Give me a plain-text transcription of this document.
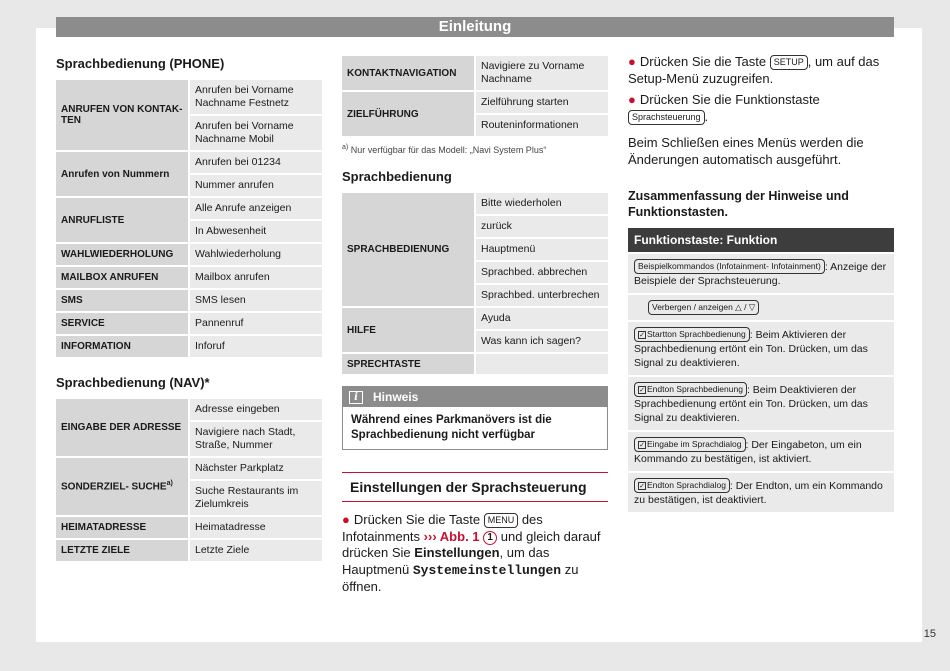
Einleitung
Sprachbedienung (PHONE)
ANRUFEN VON KONTAK-TEN	Anrufen bei Vorname Nachname Festnetz
	Anrufen bei Vorname Nachname Mobil
Anrufen von Nummern	Anrufen bei 01234
	Nummer anrufen
ANRUFLISTE	Alle Anrufe anzeigen
	In Abwesenheit
WAHLWIEDERHOLUNG	Wahlwiederholung
MAILBOX ANRUFEN	Mailbox anrufen
SMS	SMS lesen
SERVICE	Pannenruf
INFORMATION	Inforuf
Sprachbedienung (NAV)*
EINGABE DER ADRESSE	Adresse eingeben
	Navigiere nach Stadt, Straße, Nummer
SONDERZIEL- SUCHE$^{a)}$	Nächster Parkplatz
	Suche Restaurants im Zielumkreis
HEIMATADRESSE	Heimatadresse
LETZTE ZIELE	Letzte Ziele
KONTAKTNAVIGATION	Navigiere zu Vorname Nachname
ZIELFÜHRUNG	Zielführung starten
	Routeninformationen
$^{a)}$ Nur verfügbar für das Modell: „Navi System Plus“
Sprachbedienung
SPRACHBEDIENUNG	Bitte wiederholen
	zurück
	Hauptmenü
	Sprachbed. abbrechen
	Sprachbed. unterbrechen
HILFE	Ayuda
	Was kann ich sagen?
SPRECHTASTE	
i	Hinweis
Während eines Parkmanövers ist die Sprachbedienung nicht verfügbar
Einstellungen der Sprachsteuerung

● Drücken Sie die Taste MENU des Infotainments ››› Abb. 1 1 und gleich darauf drücken Sie Einstellungen, um das Hauptmenü Systemeinstellungen zu öffnen.

● Drücken Sie die Taste SETUP , um auf das Setup-Menü zuzugreifen.

● Drücken Sie die Funktionstaste Sprachsteuerung .

Beim Schließen eines Menüs werden die Änderungen automatisch ausgeführt.

Zusammenfassung der Hinweise und Funktionstasten.
Funktionstaste: Funktion
Beispielkommandos (Infotainment- Infotainment) : Anzeige der Beispiele der Sprachsteuerung.
Verbergen / anzeigen △ / ▽
✓ Startton Sprachbedienung : Beim Aktivieren der Sprachbedienung ertönt ein Ton. Drücken, um das Signal zu deaktivieren.
✓ Endton Sprachbedienung : Beim Deaktivieren der Sprachbedienung ertönt ein Ton. Drücken, um das Signal zu deaktivieren.
✓ Eingabe im Sprachdialog : Der Eingabeton, um ein Kommando zu bestätigen, ist aktiviert.
✓ Endton Sprachdialog : Der Endton, um ein Kommando zu bestätigen, ist deaktiviert.
15
